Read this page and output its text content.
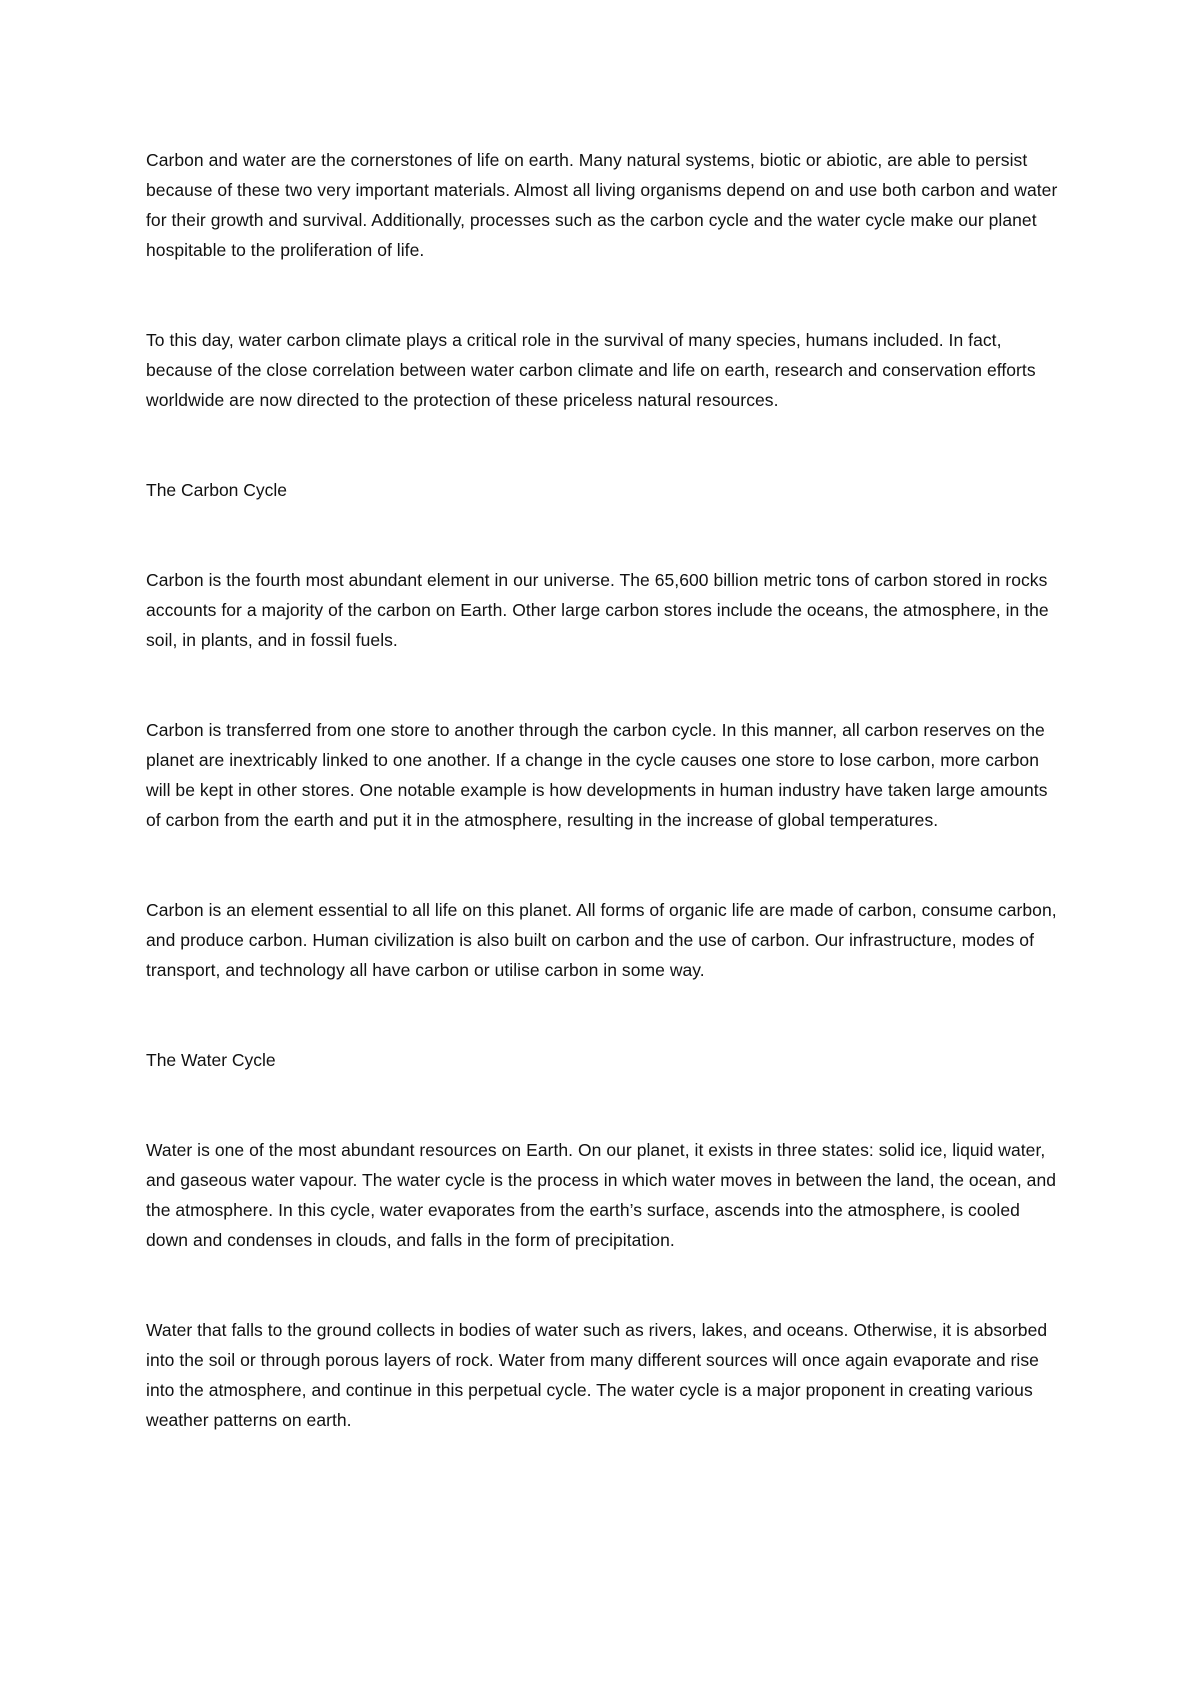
Carbon and water are the cornerstones of life on earth. Many natural systems, biotic or abiotic, are able to persist because of these two very important materials. Almost all living organisms depend on and use both carbon and water for their growth and survival. Additionally, processes such as the carbon cycle and the water cycle make our planet hospitable to the proliferation of life.

To this day, water carbon climate plays a critical role in the survival of many species, humans included. In fact, because of the close correlation between water carbon climate and life on earth, research and conservation efforts worldwide are now directed to the protection of these priceless natural resources.

The Carbon Cycle

Carbon is the fourth most abundant element in our universe. The 65,600 billion metric tons of carbon stored in rocks accounts for a majority of the carbon on Earth. Other large carbon stores include the oceans, the atmosphere, in the soil, in plants, and in fossil fuels.

Carbon is transferred from one store to another through the carbon cycle. In this manner, all carbon reserves on the planet are inextricably linked to one another. If a change in the cycle causes one store to lose carbon, more carbon will be kept in other stores. One notable example is how developments in human industry have taken large amounts of carbon from the earth and put it in the atmosphere, resulting in the increase of global temperatures.

Carbon is an element essential to all life on this planet. All forms of organic life are made of carbon, consume carbon, and produce carbon. Human civilization is also built on carbon and the use of carbon. Our infrastructure, modes of transport, and technology all have carbon or utilise carbon in some way.

The Water Cycle

Water is one of the most abundant resources on Earth. On our planet, it exists in three states: solid ice, liquid water, and gaseous water vapour. The water cycle is the process in which water moves in between the land, the ocean, and the atmosphere. In this cycle, water evaporates from the earth’s surface, ascends into the atmosphere, is cooled down and condenses in clouds, and falls in the form of precipitation.

Water that falls to the ground collects in bodies of water such as rivers, lakes, and oceans. Otherwise, it is absorbed into the soil or through porous layers of rock. Water from many different sources will once again evaporate and rise into the atmosphere, and continue in this perpetual cycle. The water cycle is a major proponent in creating various weather patterns on earth.
